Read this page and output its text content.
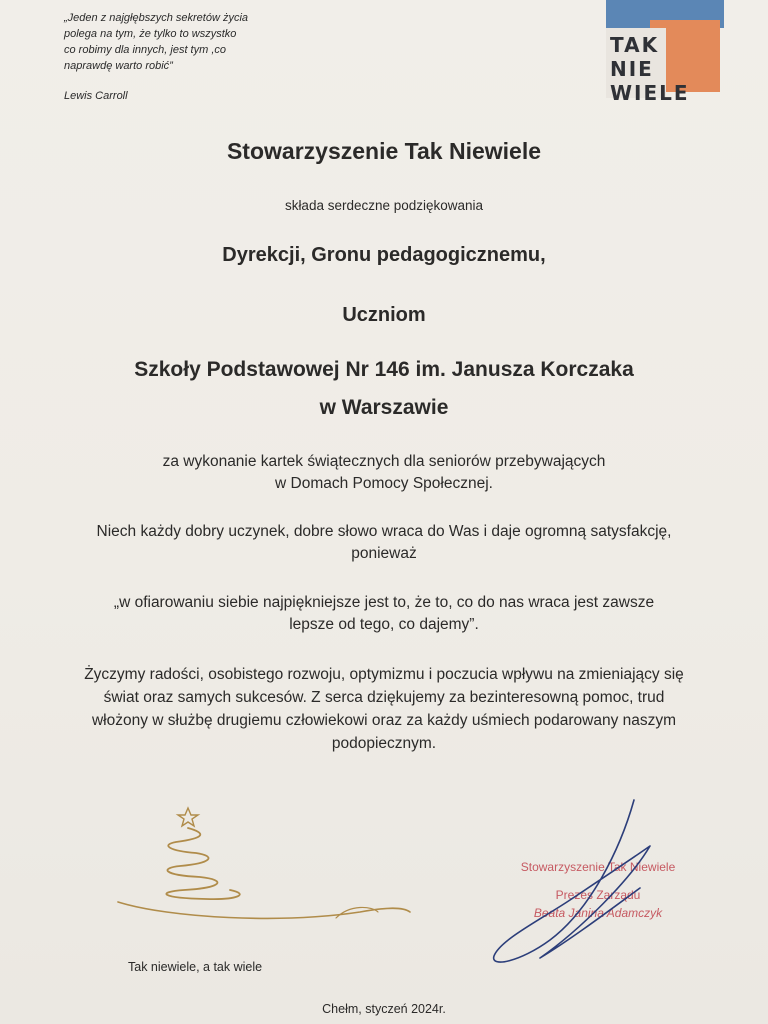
„Jeden z najgłębszych sekretów życia
polega na tym, że tylko to wszystko
co robimy dla innych, jest tym ,co
naprawdę warto robić”
Lewis Carroll
TAK
NIE
WIELE
Stowarzyszenie Tak Niewiele
składa serdeczne podziękowania
Dyrekcji, Gronu pedagogicznemu,
Uczniom
Szkoły Podstawowej Nr 146 im. Janusza Korczaka
w Warszawie
za wykonanie kartek świątecznych dla seniorów przebywających
w Domach Pomocy Społecznej.
Niech każdy dobry uczynek, dobre słowo wraca do Was i daje ogromną satysfakcję,
ponieważ
„w ofiarowaniu siebie najpiękniejsze jest to, że to, co do nas wraca jest zawsze
lepsze od tego, co dajemy”.
Życzymy radości, osobistego rozwoju, optymizmu i poczucia wpływu na zmieniający się
świat oraz samych sukcesów. Z serca dziękujemy za bezinteresowną pomoc, trud
włożony w służbę drugiemu człowiekowi oraz za każdy uśmiech podarowany naszym
podopiecznym.
Tak niewiele, a tak wiele
Stowarzyszenie Tak Niewiele
Prezes Zarządu
Beata Janina Adamczyk
Chełm, styczeń 2024r.
